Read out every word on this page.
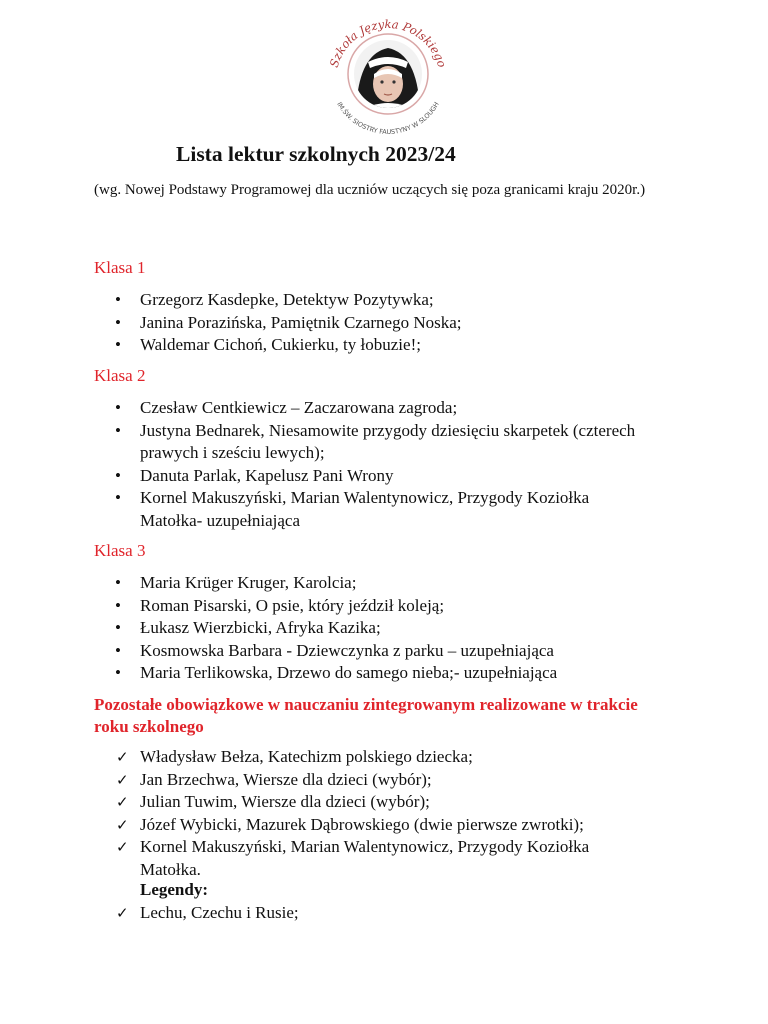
Szkoła Języka Polskiego
IM.ŚW. SIOSTRY FAUSTYNY W SLOUGH
Lista lektur szkolnych 2023/24

(wg. Nowej Podstawy Programowej dla uczniów uczących się poza granicami kraju 2020r.)

Klasa 1

• Grzegorz Kasdepke, Detektyw Pozytywka;
• Janina Porazińska, Pamiętnik Czarnego Noska;
• Waldemar Cichoń, Cukierku, ty łobuzie!;

Klasa 2

• Czesław Centkiewicz – Zaczarowana zagroda;
• Justyna Bednarek, Niesamowite przygody dziesięciu skarpetek (czterech prawych i sześciu lewych);
• Danuta Parlak, Kapelusz Pani Wrony
• Kornel Makuszyński, Marian Walentynowicz, Przygody Koziołka Matołka- uzupełniająca

Klasa 3

• Maria Krüger Kruger, Karolcia;
• Roman Pisarski, O psie, który jeździł koleją;
• Łukasz Wierzbicki, Afryka Kazika;
• Kosmowska Barbara - Dziewczynka z parku – uzupełniająca
• Maria Terlikowska, Drzewo do samego nieba;- uzupełniająca

Pozostałe obowiązkowe w nauczaniu zintegrowanym realizowane w trakcie roku szkolnego

✓ Władysław Bełza, Katechizm polskiego dziecka;
✓ Jan Brzechwa, Wiersze dla dzieci (wybór);
✓ Julian Tuwim, Wiersze dla dzieci (wybór);
✓ Józef Wybicki, Mazurek Dąbrowskiego (dwie pierwsze zwrotki);
✓ Kornel Makuszyński, Marian Walentynowicz, Przygody Koziołka Matołka.

Legendy:

✓ Lechu, Czechu i Rusie;
